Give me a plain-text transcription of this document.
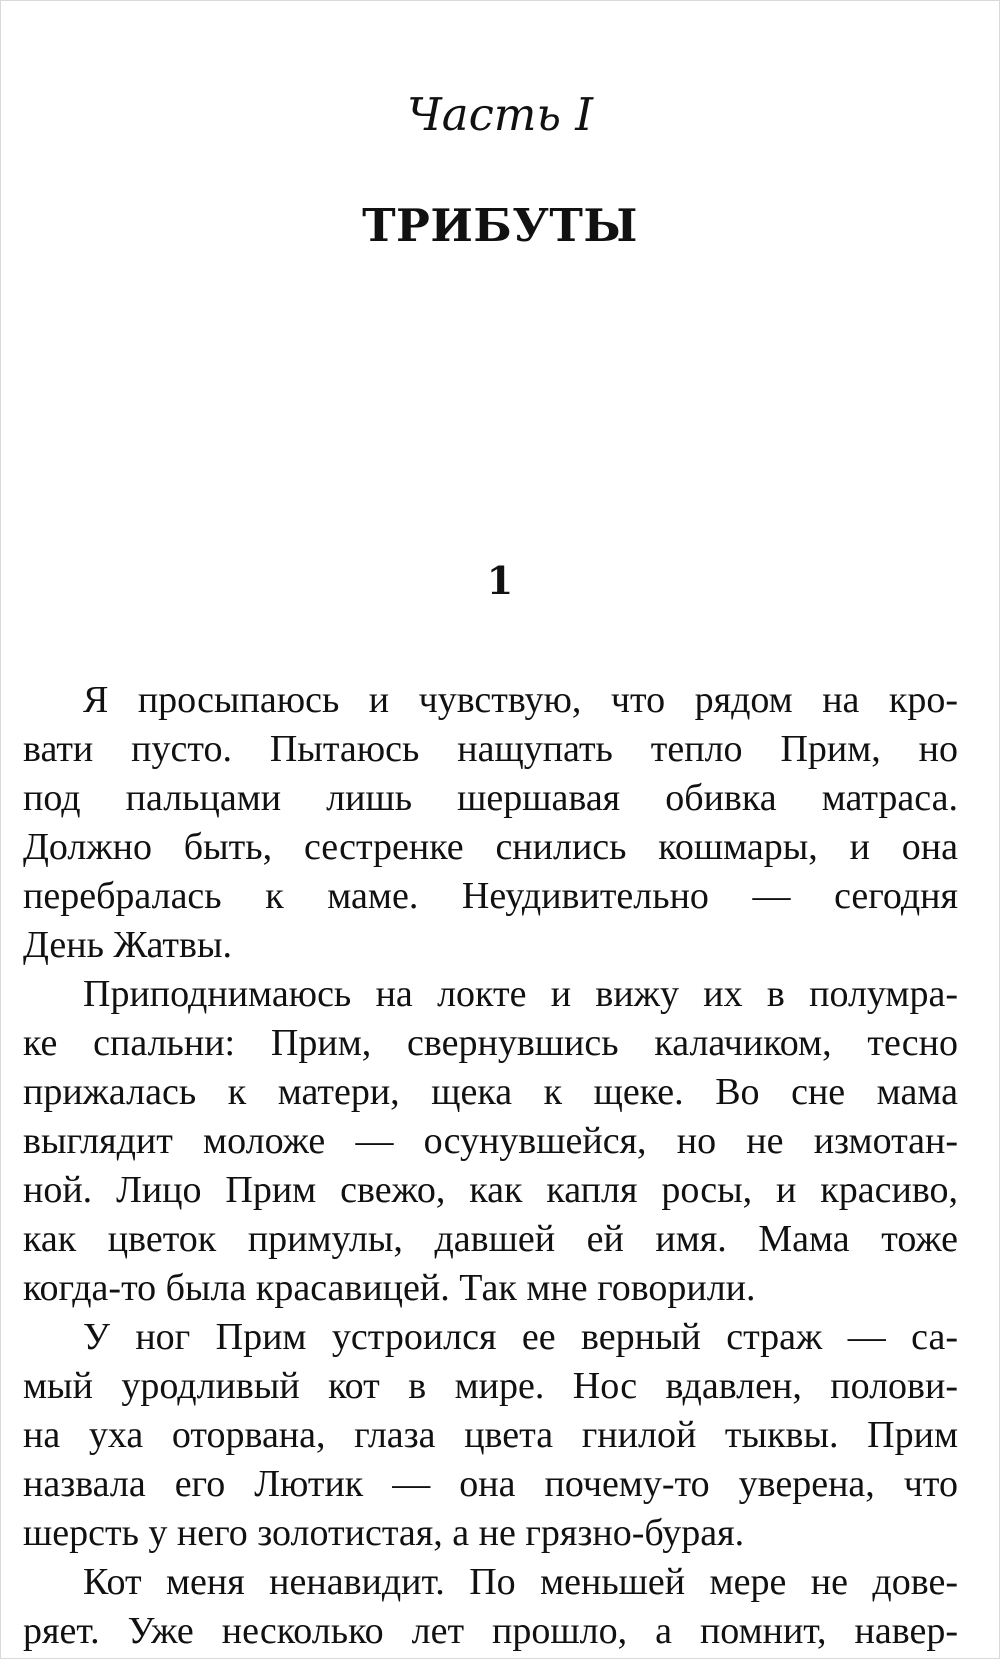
Часть I
ТРИБУТЫ
1
Я просыпаюсь и чувствую, что рядом на кро-
вати пусто. Пытаюсь нащупать тепло Прим, но
под пальцами лишь шершавая обивка матраса.
Должно быть, сестренке снились кошмары, и она
перебралась к маме. Неудивительно — сегодня
День Жатвы.
Приподнимаюсь на локте и вижу их в полумра-
ке спальни: Прим, свернувшись калачиком, тесно
прижалась к матери, щека к щеке. Во сне мама
выглядит моложе — осунувшейся, но не измотан-
ной. Лицо Прим свежо, как капля росы, и красиво,
как цветок примулы, давшей ей имя. Мама тоже
когда-то была красавицей. Так мне говорили.
У ног Прим устроился ее верный страж — са-
мый уродливый кот в мире. Нос вдавлен, полови-
на уха оторвана, глаза цвета гнилой тыквы. Прим
назвала его Лютик — она почему-то уверена, что
шерсть у него золотистая, а не грязно-бурая.
Кот меня ненавидит. По меньшей мере не дове-
ряет. Уже несколько лет прошло, а помнит, навер-
